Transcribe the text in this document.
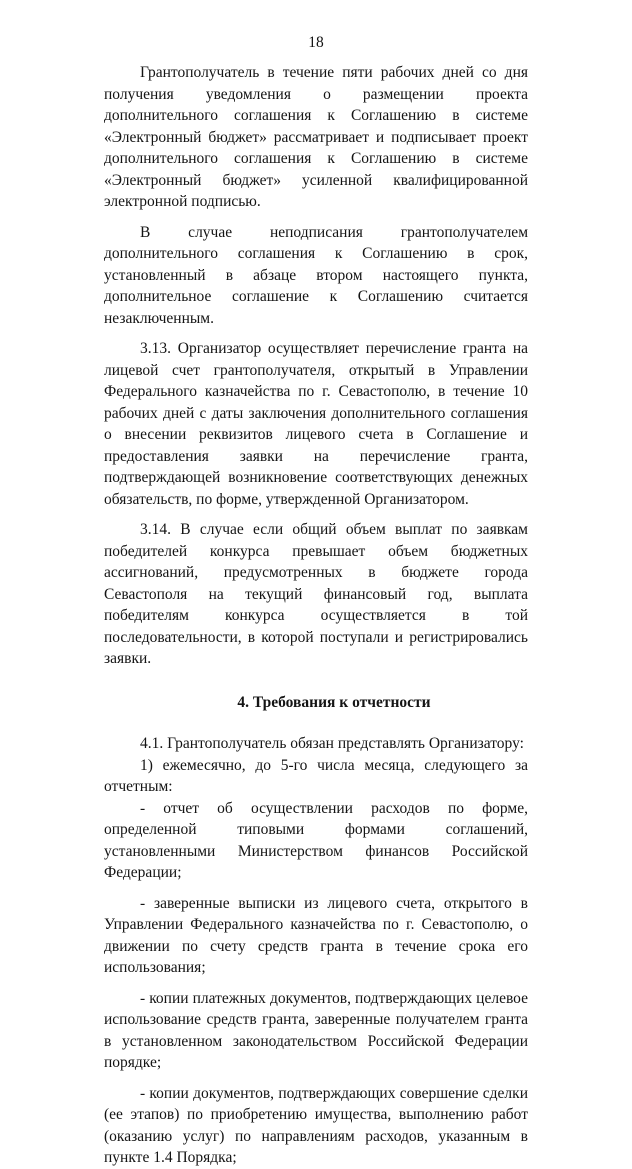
18

Грантополучатель в течение пяти рабочих дней со дня получения уведомления о размещении проекта дополнительного соглашения к Соглашению в системе «Электронный бюджет» рассматривает и подписывает проект дополнительного соглашения к Соглашению в системе «Электронный бюджет» усиленной квалифицированной электронной подписью.

В случае неподписания грантополучателем дополнительного соглашения к Соглашению в срок, установленный в абзаце втором настоящего пункта, дополнительное соглашение к Соглашению считается незаключенным.

3.13. Организатор осуществляет перечисление гранта на лицевой счет грантополучателя, открытый в Управлении Федерального казначейства по г. Севастополю, в течение 10 рабочих дней с даты заключения дополнительного соглашения о внесении реквизитов лицевого счета в Соглашение и предоставления заявки на перечисление гранта, подтверждающей возникновение соответствующих денежных обязательств, по форме, утвержденной Организатором.

3.14. В случае если общий объем выплат по заявкам победителей конкурса превышает объем бюджетных ассигнований, предусмотренных в бюджете города Севастополя на текущий финансовый год, выплата победителям конкурса осуществляется в той последовательности, в которой поступали и регистрировались заявки.

4. Требования к отчетности

4.1. Грантополучатель обязан представлять Организатору:

1) ежемесячно, до 5-го числа месяца, следующего за отчетным:

- отчет об осуществлении расходов по форме, определенной типовыми формами соглашений, установленными Министерством финансов Российской Федерации;

- заверенные выписки из лицевого счета, открытого в Управлении Федерального казначейства по г. Севастополю, о движении по счету средств гранта в течение срока его использования;

- копии платежных документов, подтверждающих целевое использование средств гранта, заверенные получателем гранта в установленном законодательством Российской Федерации порядке;

- копии документов, подтверждающих совершение сделки (ее этапов) по приобретению имущества, выполнению работ (оказанию услуг) по направлениям расходов, указанным в пункте 1.4 Порядка;
